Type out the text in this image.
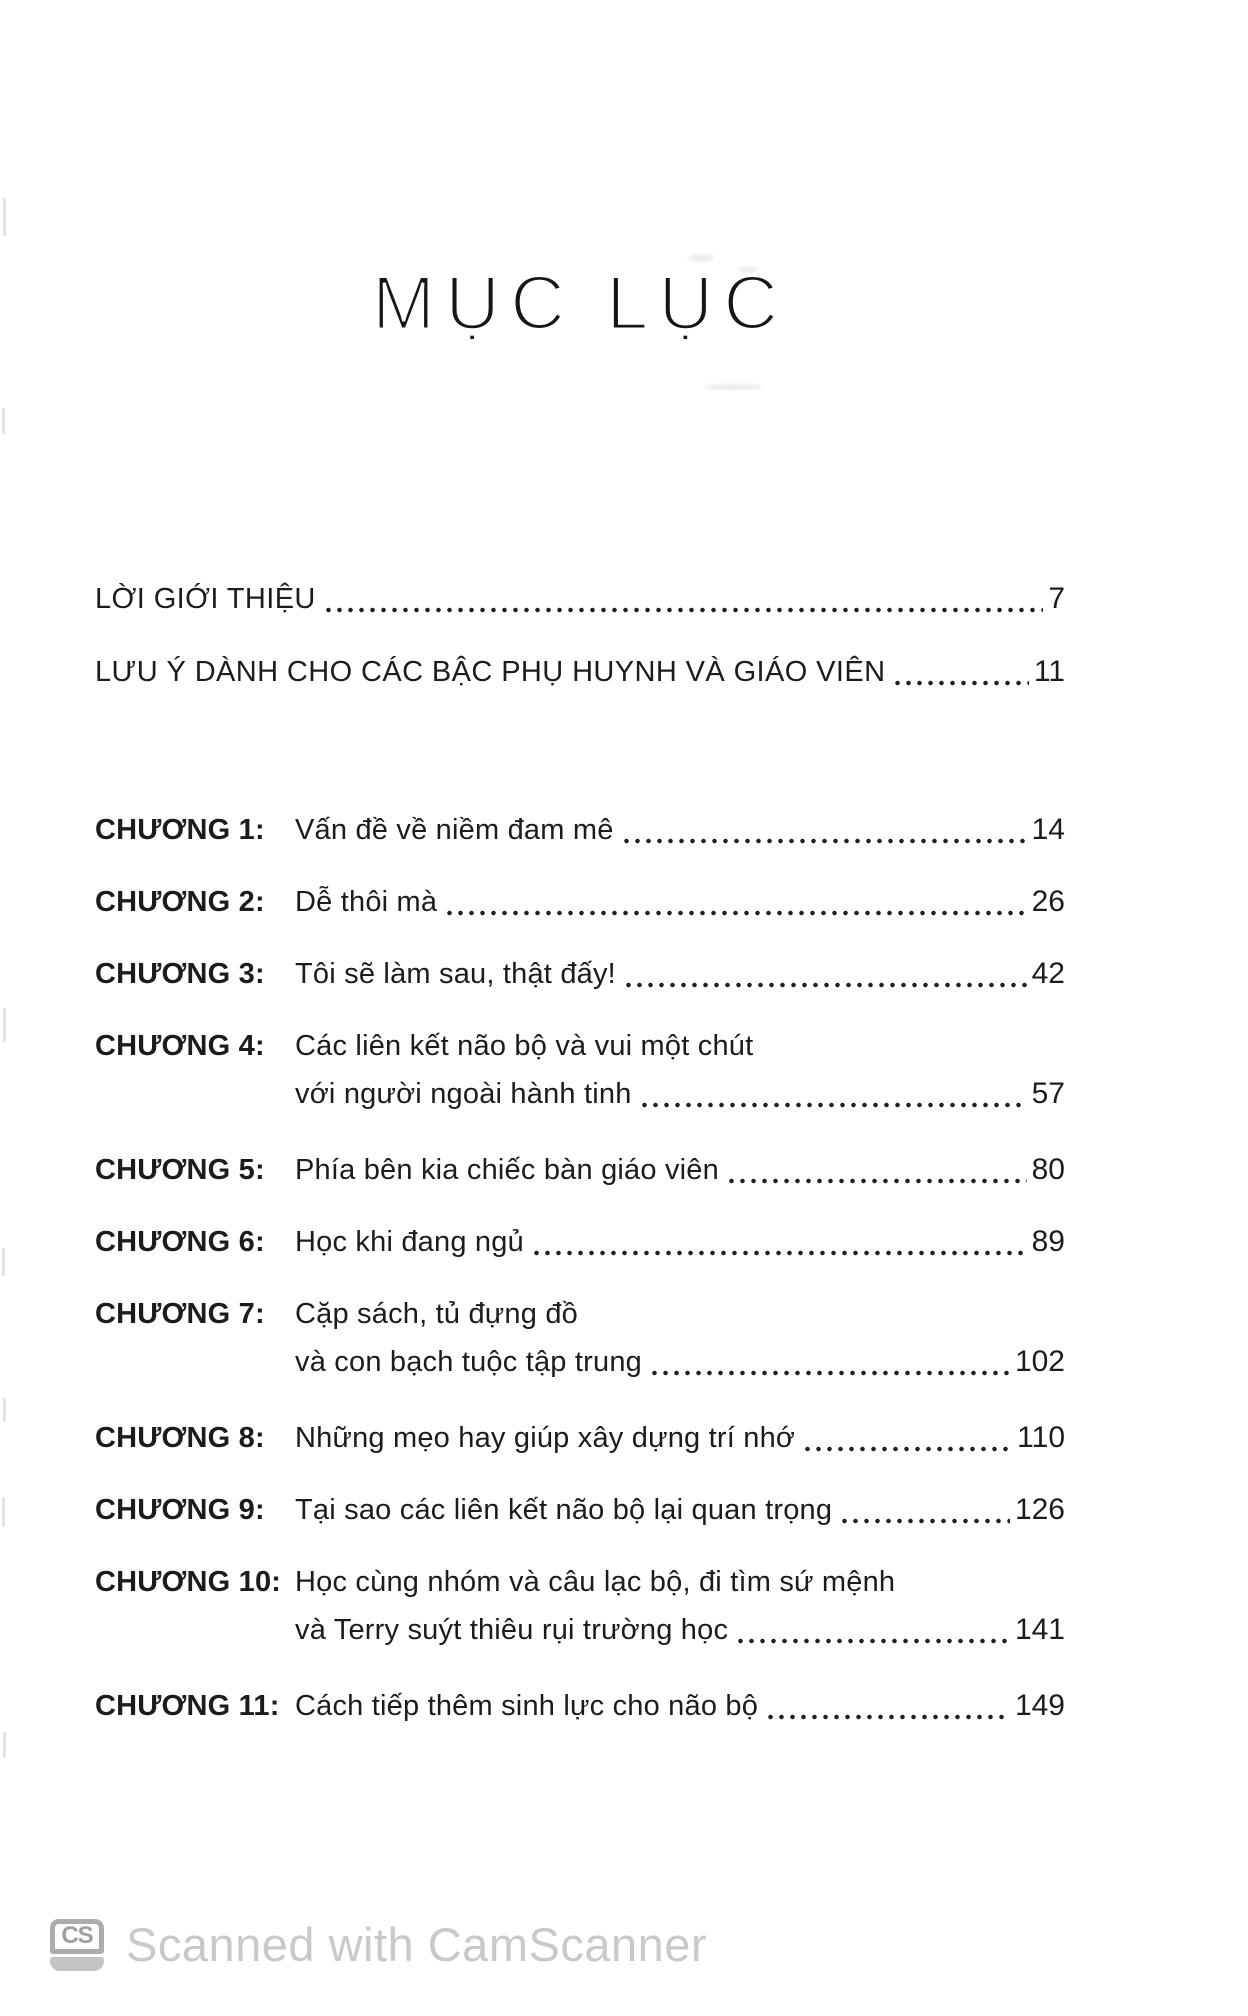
MỤC LỤC
LỜI GIỚI THIỆU	7
LƯU Ý DÀNH CHO CÁC BẬC PHỤ HUYNH VÀ GIÁO VIÊN	11
CHƯƠNG 1:	Vấn đề về niềm đam mê	14
CHƯƠNG 2:	Dễ thôi mà	26
CHƯƠNG 3:	Tôi sẽ làm sau, thật đấy!	42
CHƯƠNG 4:	Các liên kết não bộ và vui một chút
với người ngoài hành tinh	57
CHƯƠNG 5:	Phía bên kia chiếc bàn giáo viên	80
CHƯƠNG 6:	Học khi đang ngủ	89
CHƯƠNG 7:	Cặp sách, tủ đựng đồ
và con bạch tuộc tập trung	102
CHƯƠNG 8:	Những mẹo hay giúp xây dựng trí nhớ	110
CHƯƠNG 9:	Tại sao các liên kết não bộ lại quan trọng	126
CHƯƠNG 10: Học cùng nhóm và câu lạc bộ, đi tìm sứ mệnh
và Terry suýt thiêu rụi trường học	141
CHƯƠNG 11: Cách tiếp thêm sinh lực cho não bộ	149
CS Scanned with CamScanner
